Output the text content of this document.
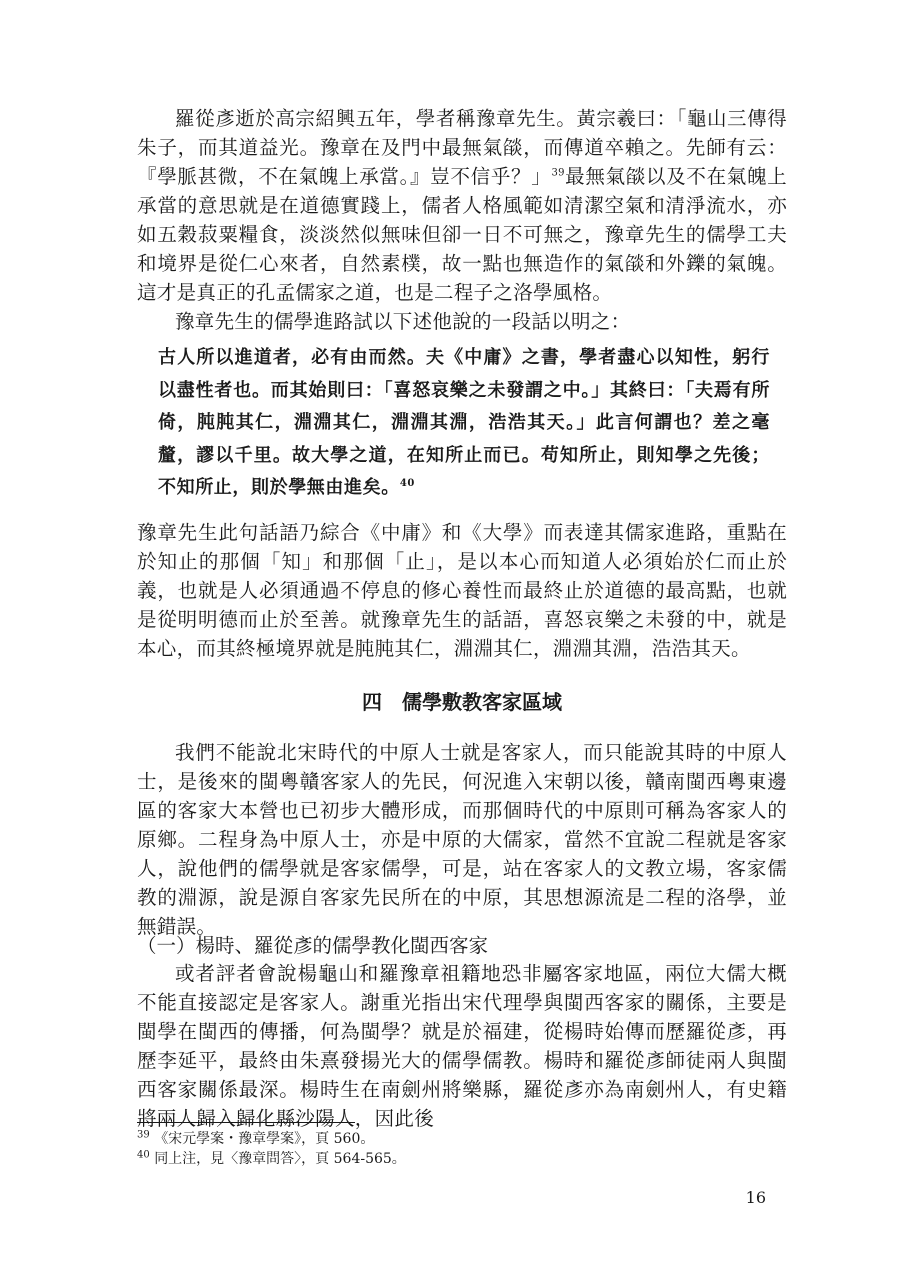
羅從彥逝於高宗紹興五年，學者稱豫章先生。黃宗羲曰：「龜山三傳得朱子，而其道益光。豫章在及門中最無氣燄，而傳道卒賴之。先師有云：『學脈甚微，不在氣魄上承當。』豈不信乎？」$^{39}$最無氣燄以及不在氣魄上承當的意思就是在道德實踐上，儒者人格風範如清潔空氣和清淨流水，亦如五穀菽粟糧食，淡淡然似無味但卻一日不可無之，豫章先生的儒學工夫和境界是從仁心來者，自然素樸，故一點也無造作的氣燄和外鑠的氣魄。這才是真正的孔孟儒家之道，也是二程子之洛學風格。

豫章先生的儒學進路試以下述他說的一段話以明之：

古人所以進道者，必有由而然。夫《中庸》之書，學者盡心以知性，躬行以盡性者也。而其始則曰：「喜怒哀樂之未發謂之中。」其終曰：「夫焉有所倚，肫肫其仁，淵淵其仁，淵淵其淵，浩浩其天。」此言何謂也？差之毫釐，謬以千里。故大學之道，在知所止而已。苟知所止，則知學之先後；不知所止，則於學無由進矣。$^{40}$

豫章先生此句話語乃綜合《中庸》和《大學》而表達其儒家進路，重點在於知止的那個「知」和那個「止」，是以本心而知道人必須始於仁而止於義，也就是人必須通過不停息的修心養性而最終止於道德的最高點，也就是從明明德而止於至善。就豫章先生的話語，喜怒哀樂之未發的中，就是本心，而其終極境界就是肫肫其仁，淵淵其仁，淵淵其淵，浩浩其天。

四　儒學敷教客家區域

我們不能說北宋時代的中原人士就是客家人，而只能說其時的中原人士，是後來的閩粵贛客家人的先民，何況進入宋朝以後，贛南閩西粵東邊區的客家大本營也已初步大體形成，而那個時代的中原則可稱為客家人的原鄉。二程身為中原人士，亦是中原的大儒家，當然不宜說二程就是客家人，說他們的儒學就是客家儒學，可是，站在客家人的文教立場，客家儒教的淵源，說是源自客家先民所在的中原，其思想源流是二程的洛學，並無錯誤。

（一）楊時、羅從彥的儒學教化閩西客家

或者評者會說楊龜山和羅豫章祖籍地恐非屬客家地區，兩位大儒大概不能直接認定是客家人。謝重光指出宋代理學與閩西客家的關係，主要是閩學在閩西的傳播，何為閩學？就是於福建，從楊時始傳而歷羅從彥，再歷李延平，最終由朱熹發揚光大的儒學儒教。楊時和羅從彥師徒兩人與閩西客家關係最深。楊時生在南劍州將樂縣，羅從彥亦為南劍州人，有史籍將兩人歸入歸化縣沙陽人，因此後

$^{39}$ 《宋元學案・豫章學案》，頁 560。

$^{40}$ 同上注，見〈豫章問答〉，頁 564-565。

16
